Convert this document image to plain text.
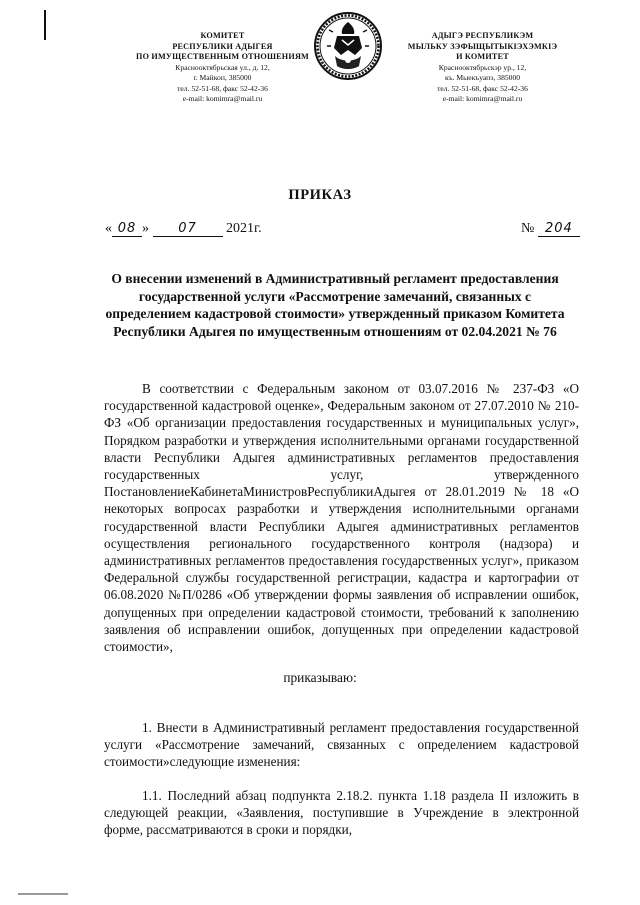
КОМИТЕТ
РЕСПУБЛИКИ АДЫГЕЯ
ПО ИМУЩЕСТВЕННЫМ ОТНОШЕНИЯМ
Красноoктябрьская ул., д. 12,
г. Майкоп, 385000
тел. 52-51-68, факс 52-42-36
e-mail: komimra@mail.ru
АДЫГЭ РЕСПУБЛИКЭМ
МЫЛЬКУ ЗЭФЫЩЫТЫКІЭХЭМКІЭ
И КОМИТЕТ
Красноoктябрьскэр ур., 12,
къ. Мыекъуапэ, 385000
тел. 52-51-68, факс 52-42-36
e-mail: komimra@mail.ru
ПРИКАЗ
« 08 » 07 2021г.	№ 204
О внесении изменений в Административный регламент предоставления государственной услуги «Рассмотрение замечаний, связанных с определением кадастровой стоимости» утвержденный приказом Комитета Республики Адыгея по имущественным отношениям от 02.04.2021 № 76
В соответствии с Федеральным законом от 03.07.2016 № 237-ФЗ «О государственной кадастровой оценке», Федеральным законом от 27.07.2010 № 210-ФЗ «Об организации предоставления государственных и муниципальных услуг», Порядком разработки и утверждения исполнительными органами государственной власти Республики Адыгея административных регламентов предоставления государственных услуг, утвержденного ПостановлениеКабинетаМинистровРеспубликиАдыгея от 28.01.2019 № 18 «О некоторых вопросах разработки и утверждения исполнительными органами государственной власти Республики Адыгея административных регламентов осуществления регионального государственного контроля (надзора) и административных регламентов предоставления государственных услуг», приказом Федеральной службы государственной регистрации, кадастра и картографии от 06.08.2020 №П/0286 «Об утверждении формы заявления об исправлении ошибок, допущенных при определении кадастровой стоимости, требований к заполнению заявления об исправлении ошибок, допущенных при определении кадастровой стоимости»,
приказываю:
1. Внести в Административный регламент предоставления государственной услуги «Рассмотрение замечаний, связанных с определением кадастровой стоимости»следующие изменения:
1.1. Последний абзац подпункта 2.18.2. пункта 1.18 раздела II изложить в следующей реакции, «Заявления, поступившие в Учреждение в электронной форме, рассматриваются в сроки и порядки,
